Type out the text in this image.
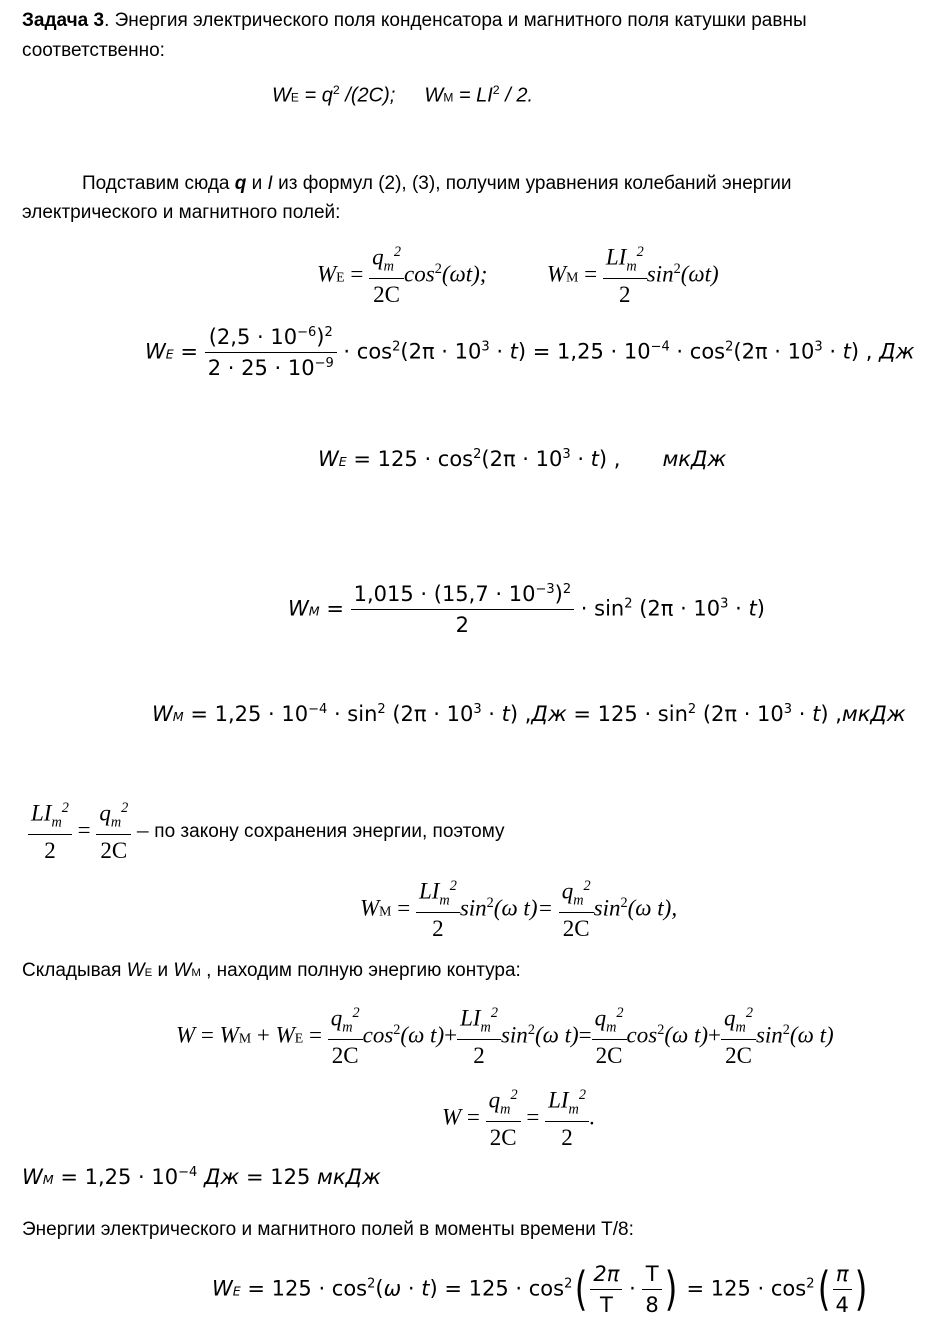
Задача 3. Энергия электрического поля конденсатора и магнитного поля катушки равны
соответственно:
WE = $q^2$ /(2C); WM = $LI^2 / 2$.
Подставим сюда q и I из формул (2), (3), получим уравнения колебаний энергии
электрического и магнитного полей:
WE = $\frac{q_m^2}{2C} \cos^2(\omega t)$;	WM =
$LI_m^2$
2
$\sin^2(\omega t)$
WE = $\frac{(2,5 \cdot 10^{-6})^2}{2 \cdot 25 \cdot 10^{-9}} \cdot \cos^2(2\pi \cdot 10^3 \cdot t) = 1,25 \cdot 10^{-4} \cdot \cos^2(2\pi \cdot 10^3 \cdot t)$ , Дж
WE = $125 \cdot \cos^2(2\pi \cdot 10^3 \cdot t)$ , мкДж
WM = $\frac{1,015 \cdot (15,7 \cdot 10^{-3})^2}{2} \cdot \sin^2 (2\pi \cdot 10^3 \cdot t)$
WM = $1,25 \cdot 10^{-4} \cdot \sin^2 (2\pi \cdot 10^3 \cdot t) ,Дж = 125 \cdot \sin^2 (2\pi \cdot 10^3 \cdot t)$ ,мкДж
$LI_m^2$
2
= $\frac{q_m^2}{2C}$ – по закону сохранения энергии, поэтому
WM =
$LI_m^2$
2
$\sin^2(\omega$ $t)= \frac{q_m^2}{2C} \sin^2(\omega$ t),
Складывая WE и WM , находим полную энергию контура:
W = WM + WE = $\frac{q_m^2}{2C} \cos^2(\omega$ t)+
$LI_m^2$
2
$\sin^2(\omega$ $t)= \frac{q_m^2}{2C} \cos^2(\omega$ $t)+ \frac{q_m^2}{2C} \sin^2(\omega$ t)
$W = \frac{q_m^2}{2C}$ =
$LI_m^2$
2
.
WM = $1,25 \cdot 10^{-4}$ Дж = 125 мкДж
Энергии электрического и магнитного полей в моменты времени T/8:
WE = $125 \cdot \cos^2(\omega \cdot t) = 125 \cdot \cos^2( \frac{2\pi}{T} \cdot \frac{T}{8}$ ) = $125 \cdot \cos^2( \frac{\pi}{4}$ )
